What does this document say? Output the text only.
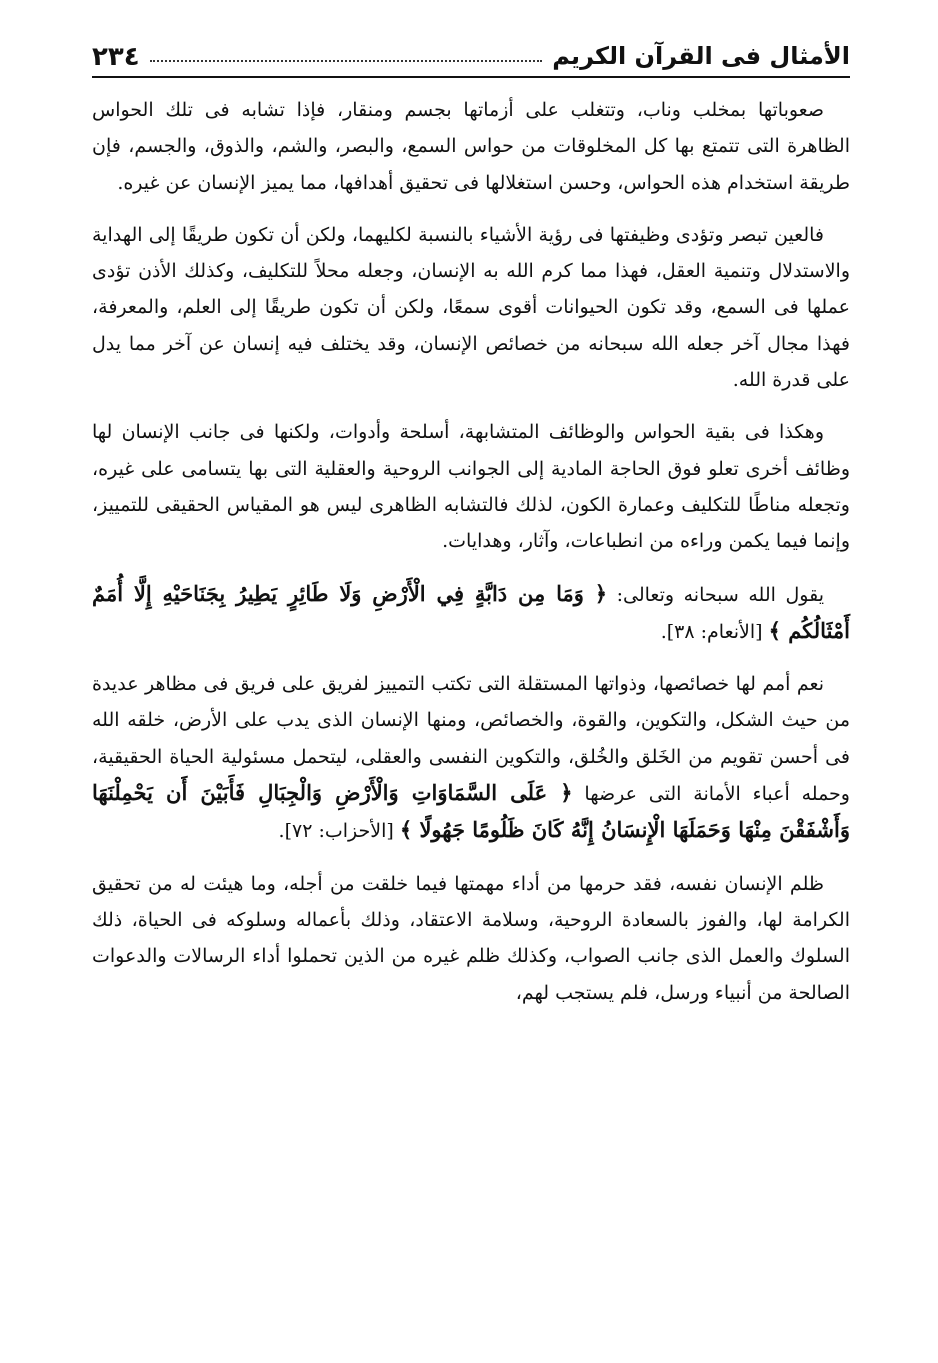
٢٣٤	الأمثال فى القرآن الكريم

صعوباتها بمخلب وناب، وتتغلب على أزماتها بجسم ومنقار، فإذا تشابه فى تلك الحواس الظاهرة التى تتمتع بها كل المخلوقات من حواس السمع، والبصر، والشم، والذوق، والجسم، فإن طريقة استخدام هذه الحواس، وحسن استغلالها فى تحقيق أهدافها، مما يميز الإنسان عن غيره.

فالعين تبصر وتؤدى وظيفتها فى رؤية الأشياء بالنسبة لكليهما، ولكن أن تكون طريقًا إلى الهداية والاستدلال وتنمية العقل، فهذا مما كرم الله به الإنسان، وجعله محلاً للتكليف، وكذلك الأذن تؤدى عملها فى السمع، وقد تكون الحيوانات أقوى سمعًا، ولكن أن تكون طريقًا إلى العلم، والمعرفة، فهذا مجال آخر جعله الله سبحانه من خصائص الإنسان، وقد يختلف فيه إنسان عن آخر مما يدل على قدرة الله.

وهكذا فى بقية الحواس والوظائف المتشابهة، أسلحة وأدوات، ولكنها فى جانب الإنسان لها وظائف أخرى تعلو فوق الحاجة المادية إلى الجوانب الروحية والعقلية التى بها يتسامى على غيره، وتجعله مناطًا للتكليف وعمارة الكون، لذلك فالتشابه الظاهرى ليس هو المقياس الحقيقى للتمييز، وإنما فيما يكمن وراءه من انطباعات، وآثار، وهدايات.

يقول الله سبحانه وتعالى: ﴿ وَمَا مِن دَابَّةٍ فِي الْأَرْضِ وَلَا طَائِرٍ يَطِيرُ بِجَنَاحَيْهِ إِلَّا أُمَمٌ أَمْثَالُكُم ﴾ [الأنعام: ٣٨].

نعم أمم لها خصائصها، وذواتها المستقلة التى تكتب التمييز لفريق على فريق فى مظاهر عديدة من حيث الشكل، والتكوين، والقوة، والخصائص، ومنها الإنسان الذى يدب على الأرض، خلقه الله فى أحسن تقويم من الخَلق والخُلق، والتكوين النفسى والعقلى، ليتحمل مسئولية الحياة الحقيقية، وحمله أعباء الأمانة التى عرضها ﴿ عَلَى السَّمَاوَاتِ وَالْأَرْضِ وَالْجِبَالِ فَأَبَيْنَ أَن يَحْمِلْنَهَا وَأَشْفَقْنَ مِنْهَا وَحَمَلَهَا الْإِنسَانُ إِنَّهُ كَانَ ظَلُومًا جَهُولًا ﴾ [الأحزاب: ٧٢].

ظلم الإنسان نفسه، فقد حرمها من أداء مهمتها فيما خلقت من أجله، وما هيئت له من تحقيق الكرامة لها، والفوز بالسعادة الروحية، وسلامة الاعتقاد، وذلك بأعماله وسلوكه فى الحياة، ذلك السلوك والعمل الذى جانب الصواب، وكذلك ظلم غيره من الذين تحملوا أداء الرسالات والدعوات الصالحة من أنبياء ورسل، فلم يستجب لهم،
